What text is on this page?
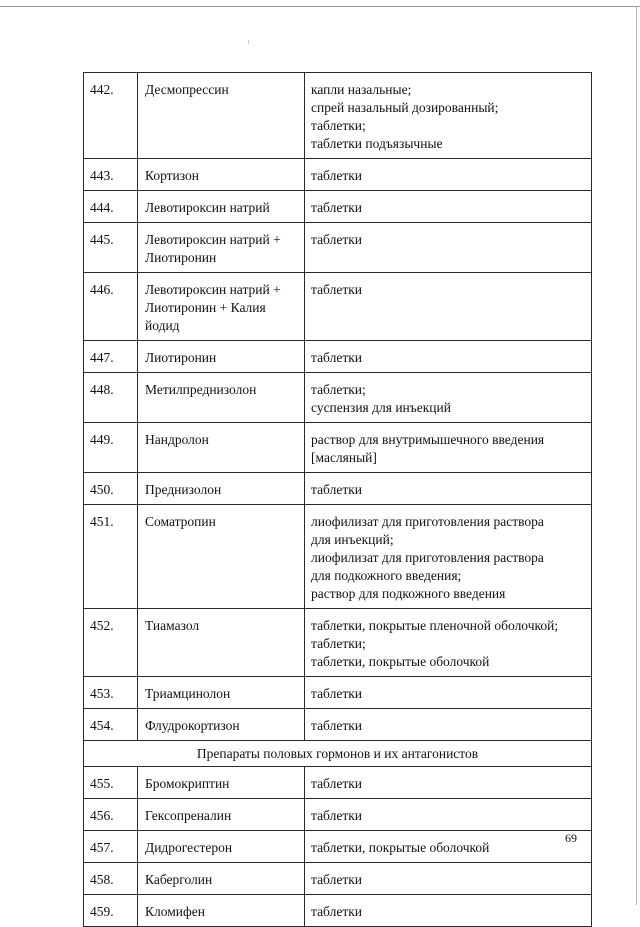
442.	Десмопрессин	капли назальные;
спрей назальный дозированный;
таблетки;
таблетки подъязычные

443.	Кортизон	таблетки

444.	Левотироксин натрий	таблетки

445.	Левотироксин натрий + Лиотиронин	таблетки

446.	Левотироксин натрий + Лиотиронин + Калия йодид	таблетки

447.	Лиотиронин	таблетки

448.	Метилпреднизолон	таблетки;
суспензия для инъекций

449.	Нандролон	раствор для внутримышечного введения
[масляный]

450.	Преднизолон	таблетки

451.	Соматропин	лиофилизат для приготовления раствора
для инъекций;
лиофилизат для приготовления раствора
для подкожного введения;
раствор для подкожного введения

452.	Тиамазол	таблетки, покрытые пленочной оболочкой;
таблетки;
таблетки, покрытые оболочкой

453.	Триамцинолон	таблетки

454.	Флудрокортизон	таблетки

Препараты половых гормонов и их антагонистов		
455.	Бромокриптин	таблетки

456.	Гексопреналин	таблетки

457.	Дидрогестерон	таблетки, покрытые оболочкой

458.	Каберголин	таблетки

459.	Кломифен	таблетки
69
